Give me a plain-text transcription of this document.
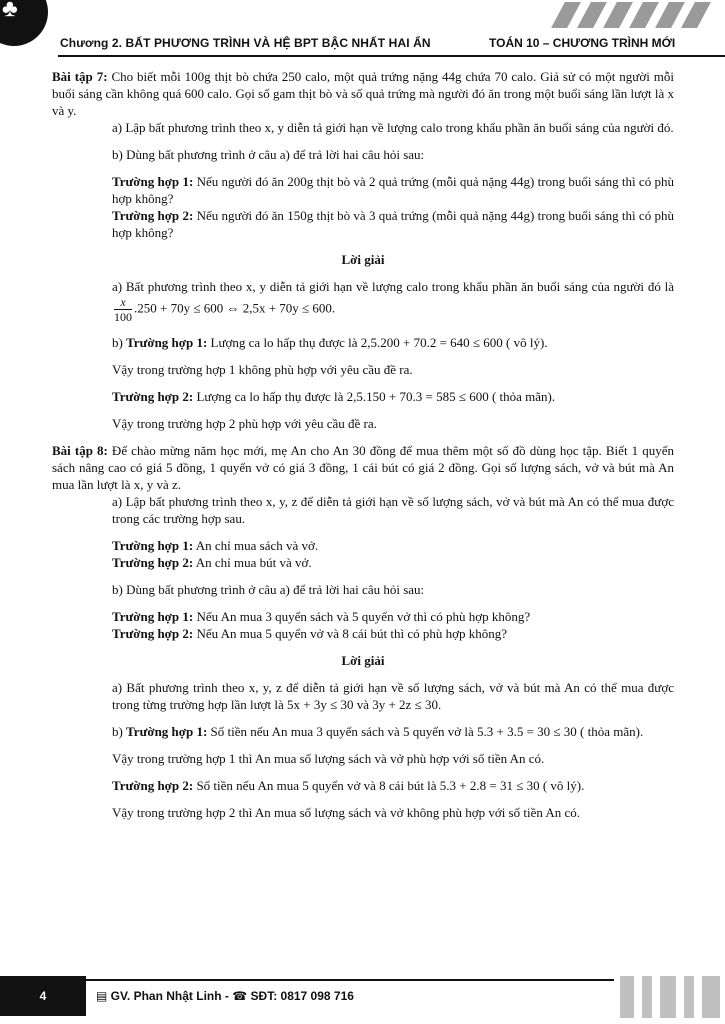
♣
Chương 2. BẤT PHƯƠNG TRÌNH VÀ HỆ BPT BẬC NHẤT HAI ẨN	TOÁN 10 – CHƯƠNG TRÌNH MỚI

Bài tập 7: Cho biết mỗi 100g thịt bò chứa 250 calo, một quả trứng nặng 44g chứa 70 calo. Giả sử có một người mỗi buổi sáng cần không quá 600 calo. Gọi số gam thịt bò và số quả trứng mà người đó ăn trong một buổi sáng lần lượt là x và y.

a) Lập bất phương trình theo x, y diễn tả giới hạn về lượng calo trong khẩu phần ăn buổi sáng của người đó.

b) Dùng bất phương trình ở câu a) để trả lời hai câu hỏi sau:

Trường hợp 1: Nếu người đó ăn 200g thịt bò và 2 quả trứng (mỗi quả nặng 44g) trong buổi sáng thì có phù hợp không?

Trường hợp 2: Nếu người đó ăn 150g thịt bò và 3 quả trứng (mỗi quả nặng 44g) trong buổi sáng thì có phù hợp không?

Lời giải

a) Bất phương trình theo x, y diễn tả giới hạn về lượng calo trong khẩu phần ăn buổi sáng của người đó là
$\frac{x}{100} .250 + 70y \le 600$ ⇔ 2,5x + 70y ≤ 600.

b) Trường hợp 1: Lượng ca lo hấp thụ được là 2,5.200 + 70.2 = 640 ≤ 600 ( vô lý).

Vậy trong trường hợp 1 không phù hợp với yêu cầu đề ra.

Trường hợp 2: Lượng ca lo hấp thụ được là 2,5.150 + 70.3 = 585 ≤ 600 ( thỏa mãn).

Vậy trong trường hợp 2 phù hợp với yêu cầu đề ra.

Bài tập 8: Để chào mừng năm học mới, mẹ An cho An 30 đồng để mua thêm một số đồ dùng học tập. Biết 1 quyển sách nâng cao có giá 5 đồng, 1 quyển vở có giá 3 đồng, 1 cái bút có giá 2 đồng. Gọi số lượng sách, vở và bút mà An mua lần lượt là x, y và z.

a) Lập bất phương trình theo x, y, z để diễn tả giới hạn về số lượng sách, vở và bút mà An có thể mua được trong các trường hợp sau.

Trường hợp 1: An chỉ mua sách và vở.

Trường hợp 2: An chỉ mua bút và vở.

b) Dùng bất phương trình ở câu a) để trả lời hai câu hỏi sau:

Trường hợp 1: Nếu An mua 3 quyển sách và 5 quyển vở thì có phù hợp không?

Trường hợp 2: Nếu An mua 5 quyển vở và 8 cái bút thì có phù hợp không?

Lời giải

a) Bất phương trình theo x, y, z để diễn tả giới hạn về số lượng sách, vở và bút mà An có thể mua được trong từng trường hợp lần lượt là 5x + 3y ≤ 30 và 3y + 2z ≤ 30.

b) Trường hợp 1: Số tiền nếu An mua 3 quyển sách và 5 quyển vở là 5.3 + 3.5 = 30 ≤ 30 ( thỏa mãn).

Vậy trong trường hợp 1 thì An mua số lượng sách và vở phù hợp với số tiền An có.

Trường hợp 2: Số tiền nếu An mua 5 quyển vở và 8 cái bút là 5.3 + 2.8 = 31 ≤ 30 ( vô lý).

Vậy trong trường hợp 2 thì An mua số lượng sách và vở không phù hợp với số tiền An có.

4	▤ GV. Phan Nhật Linh - ☎ SĐT: 0817 098 716
